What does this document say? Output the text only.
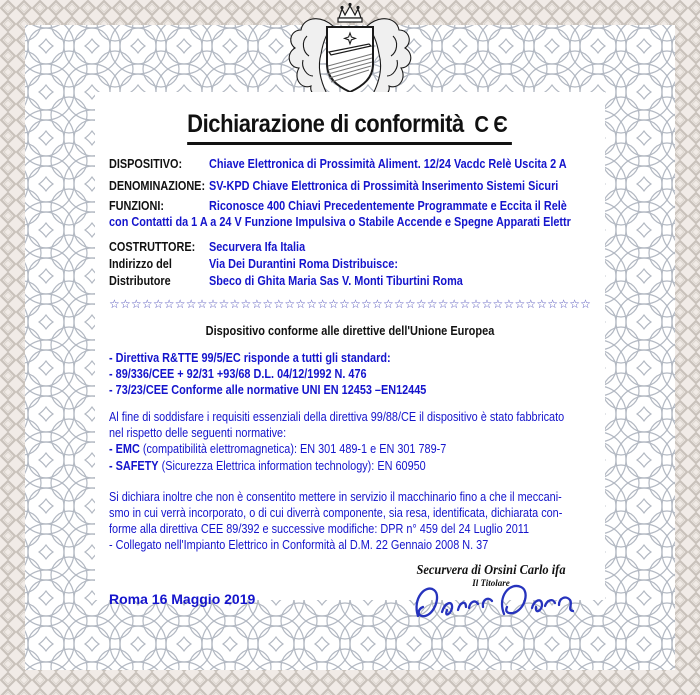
Dichiarazione di conformità CЄ
DISPOSITIVO:	Chiave Elettronica di Prossimità Aliment. 12/24 Vacdc Relè Uscita 2 A
DENOMINAZIONE: SV-KPD Chiave Elettronica di Prossimità Inserimento Sistemi Sicuri
FUNZIONI:	Riconosce 400 Chiavi Precedentemente Programmate e Eccita il Relè
con Contatti da 1 A a 24 V Funzione Impulsiva o Stabile Accende e Spegne Apparati Elettr
COSTRUTTORE: Securvera Ifa Italia
Indirizzo del	Via Dei Durantini Roma Distribuisce:
Distributore	Sbeco di Ghita Maria Sas V. Monti Tiburtini Roma
☆☆☆☆☆☆☆☆☆☆☆☆☆☆☆☆☆☆☆☆☆☆☆☆☆☆☆☆☆☆☆☆☆☆☆☆☆☆☆☆☆☆☆☆
Dispositivo conforme alle direttive dell'Unione Europea
- Direttiva R&TTE 99/5/EC risponde a tutti gli standard:
- 89/336/CEE + 92/31 +93/68 D.L. 04/12/1992 N. 476
- 73/23/CEE Conforme alle normative UNI EN 12453 –EN12445
Al fine di soddisfare i requisiti essenziali della direttiva 99/88/CE il dispositivo è stato fabbricato
nel rispetto delle seguenti normative:
- EMC (compatibilità elettromagnetica): EN 301 489-1 e EN 301 789-7
- SAFETY (Sicurezza Elettrica information technology): EN 60950
Si dichiara inoltre che non è consentito mettere in servizio il macchinario fino a che il meccani-
smo in cui verrà incorporato, o di cui diverrà componente, sia resa, identificata, dichiarata con-
forme alla direttiva CEE 89/392 e successive modifiche: DPR n° 459 del 24 Luglio 2011
- Collegato nell'Impianto Elettrico in Conformità al D.M. 22 Gennaio 2008 N. 37
Roma 16 Maggio 2019
Securvera di Orsini Carlo ifa
Il Titolare
